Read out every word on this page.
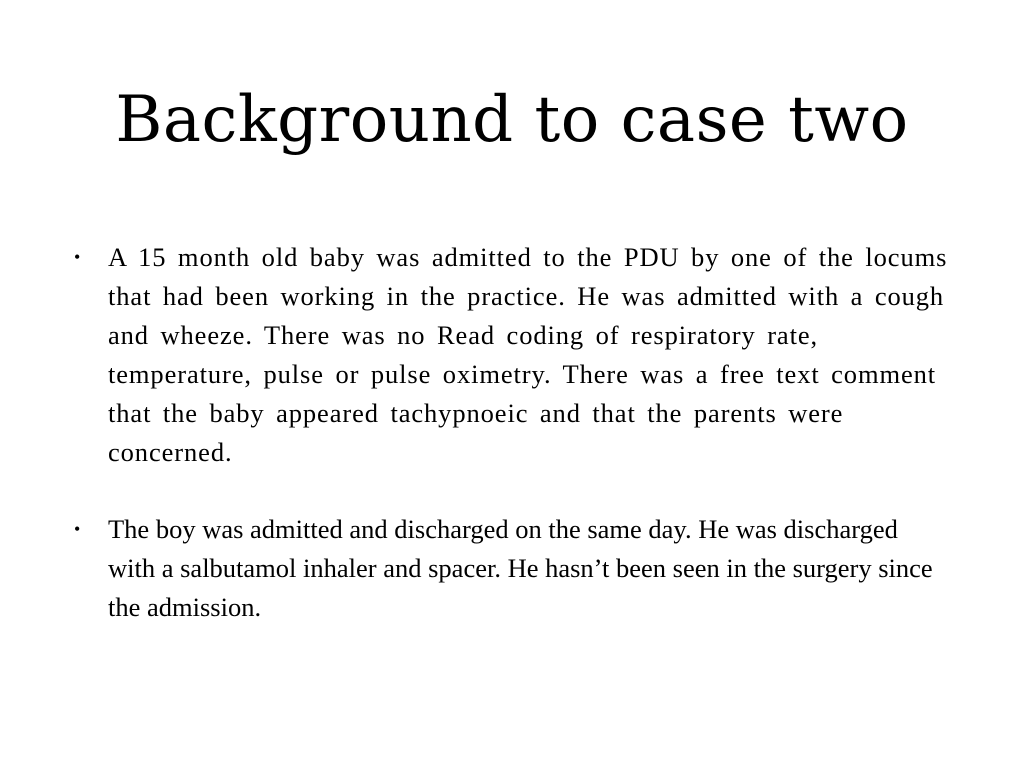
Background to case two
• A 15 month old baby was admitted to the PDU by one of the locums that had been working in the practice. He was admitted with a cough and wheeze. There was no Read coding of respiratory rate, temperature, pulse or pulse oximetry. There was a free text comment that the baby appeared tachypnoeic and that the parents were concerned.
• The boy was admitted and discharged on the same day. He was discharged with a salbutamol inhaler and spacer. He hasn’t been seen in the surgery since the admission.
